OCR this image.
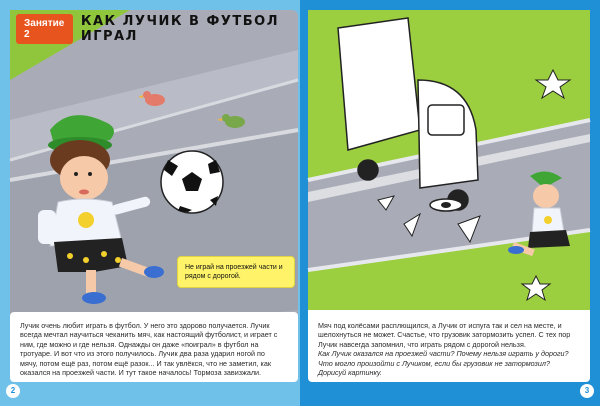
Занятие 2
КАК ЛУЧИК В ФУТБОЛ ИГРАЛ
Не играй на проезжей части и рядом с дорогой.
Лучик очень любит играть в футбол. У него это здорово получается. Лучик всегда мечтал научиться чеканить мяч, как настоящий футболист, и играет с ним, где можно и где нельзя. Однажды он даже «поиграл» в футбол на тротуаре. И вот что из этого получилось. Лучик два раза ударил ногой по мячу, потом ещё раз, потом ещё разок... И так увлёкся, что не заметил, как оказался на проезжей части. И тут такое началось! Тормоза завизжали.
2
Мяч под колёсами расплющился, а Лучик от испуга так и сел на месте, и шелохнуться не может. Счастье, что грузовик затормозить успел. С тех пор Лучик навсегда запомнил, что играть рядом с дорогой нельзя.
Как Лучик оказался на проезжей части? Почему нельзя играть у дороги? Что могло произойти с Лучиком, если бы грузовик не затормозил? Дорисуй картинку.
3
